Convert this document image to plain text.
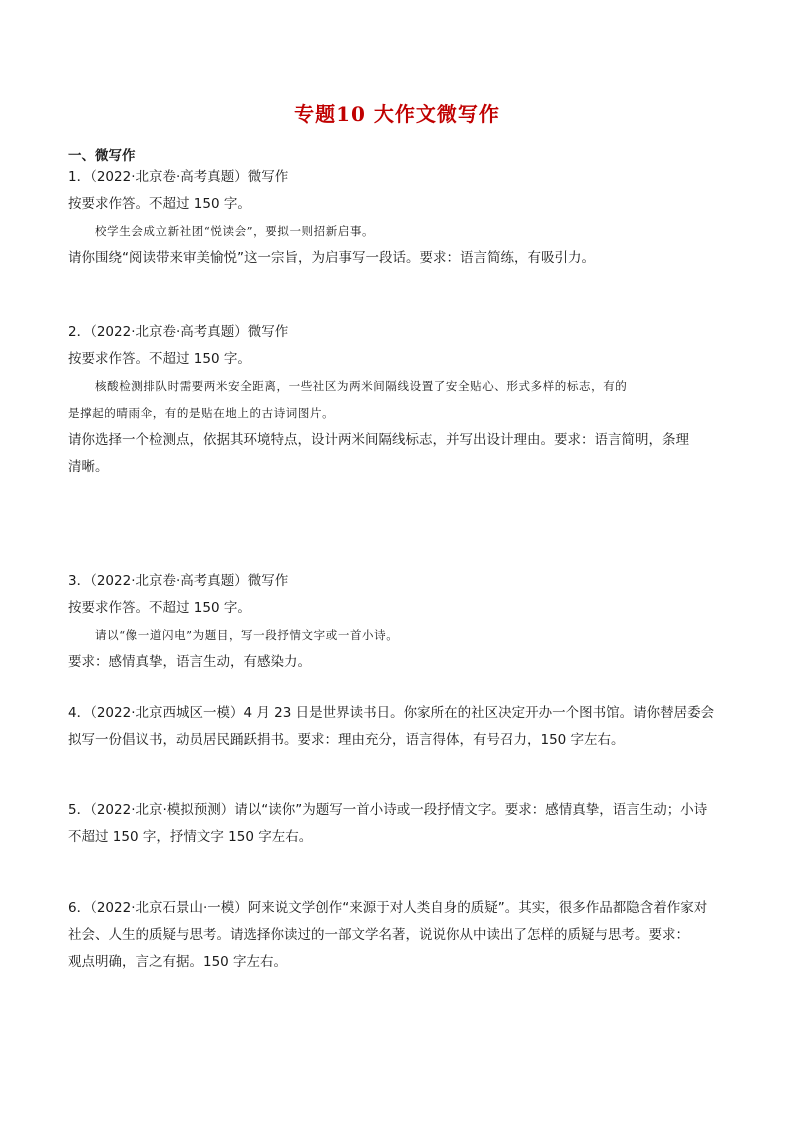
专题10 大作文微写作
一、微写作
1．（2022·北京卷·高考真题）微写作
按要求作答。不超过 150 字。
校学生会成立新社团“悦读会”，要拟一则招新启事。
请你围绕“阅读带来审美愉悦”这一宗旨，为启事写一段话。要求：语言简练，有吸引力。
2．（2022·北京卷·高考真题）微写作
按要求作答。不超过 150 字。
核酸检测排队时需要两米安全距离，一些社区为两米间隔线设置了安全贴心、形式多样的标志，有的
是撑起的晴雨伞，有的是贴在地上的古诗词图片。
请你选择一个检测点，依据其环境特点，设计两米间隔线标志，并写出设计理由。要求：语言简明，条理
清晰。
3．（2022·北京卷·高考真题）微写作
按要求作答。不超过 150 字。
请以“像一道闪电”为题目，写一段抒情文字或一首小诗。
要求：感情真挚，语言生动，有感染力。
4．（2022·北京西城区一模）4 月 23 日是世界读书日。你家所在的社区决定开办一个图书馆。请你替居委会
拟写一份倡议书，动员居民踊跃捐书。要求：理由充分，语言得体，有号召力，150 字左右。
5．（2022·北京·模拟预测）请以“读你”为题写一首小诗或一段抒情文字。要求：感情真挚，语言生动；小诗
不超过 150 字，抒情文字 150 字左右。
6．（2022·北京石景山·一模）阿来说文学创作“来源于对人类自身的质疑”。其实，很多作品都隐含着作家对
社会、人生的质疑与思考。请选择你读过的一部文学名著，说说你从中读出了怎样的质疑与思考。要求：
观点明确，言之有据。150 字左右。
